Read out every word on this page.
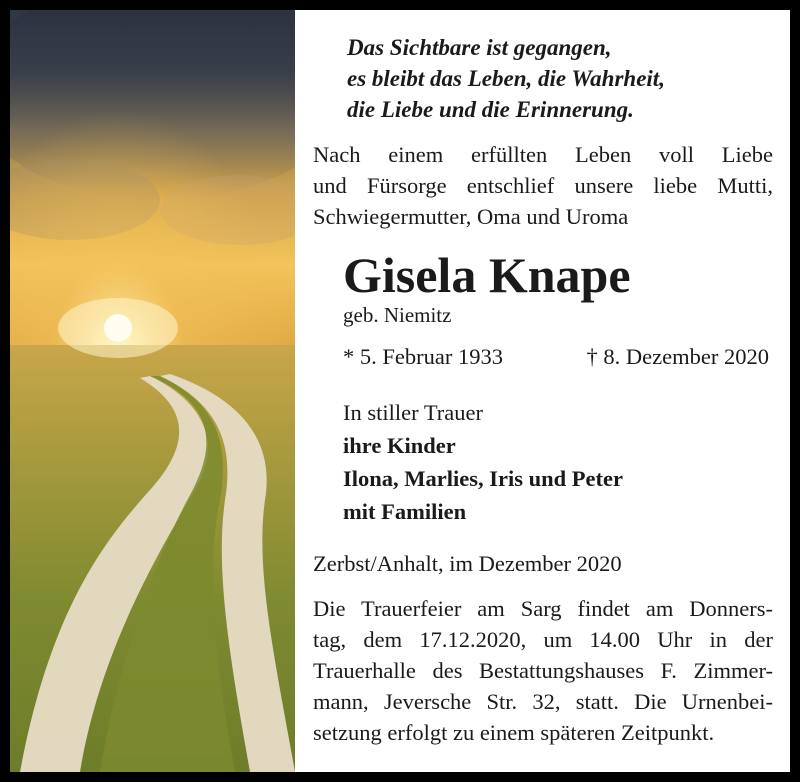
Das Sichtbare ist gegangen,
es bleibt das Leben, die Wahrheit,
die Liebe und die Erinnerung.
Nach einem erfüllten Leben voll Liebe
und Fürsorge entschlief unsere liebe Mutti,
Schwiegermutter, Oma und Uroma
Gisela Knape
geb. Niemitz
* 5. Februar 1933	† 8. Dezember 2020
In stiller Trauer
ihre Kinder
Ilona, Marlies, Iris und Peter
mit Familien
Zerbst/Anhalt, im Dezember 2020
Die Trauerfeier am Sarg findet am Donners-
tag, dem 17.12.2020, um 14.00 Uhr in der
Trauerhalle des Bestattungshauses F. Zimmer-
mann, Jeversche Str. 32, statt. Die Urnenbei-
setzung erfolgt zu einem späteren Zeitpunkt.
